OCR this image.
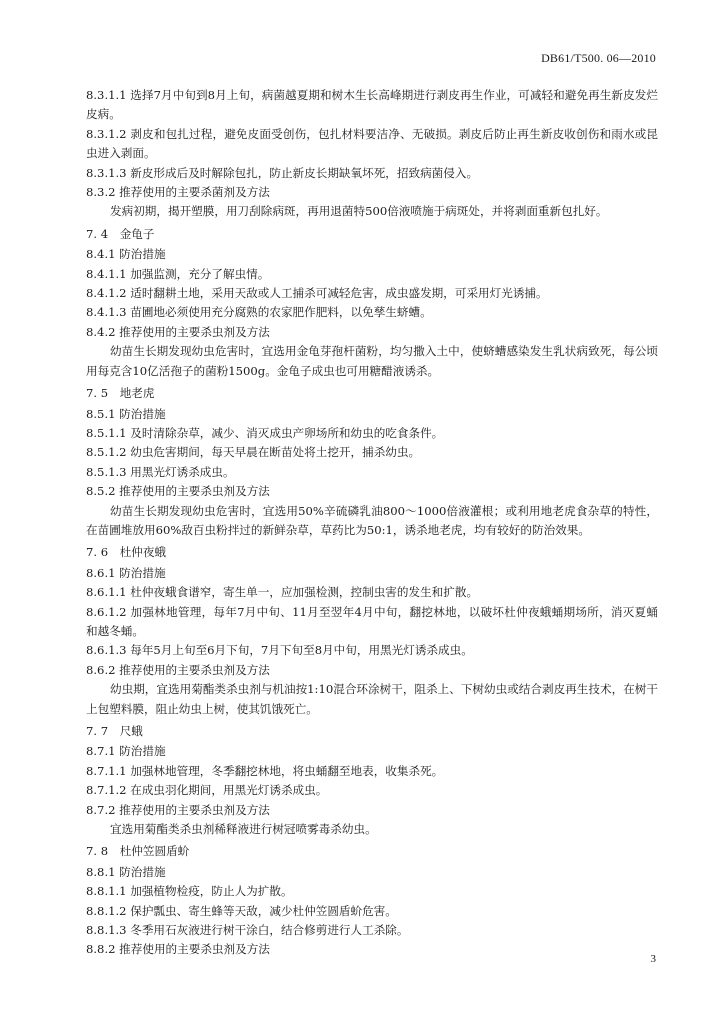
DB61/T500. 06—2010
8.3.1.1 选择7月中旬到8月上旬，病菌越夏期和树木生长高峰期进行剥皮再生作业，可减轻和避免再生新皮发烂皮病。
8.3.1.2 剥皮和包扎过程，避免皮面受创伤，包扎材料要洁净、无破损。剥皮后防止再生新皮收创伤和雨水或昆虫进入剥面。
8.3.1.3 新皮形成后及时解除包扎，防止新皮长期缺氧坏死，招致病菌侵入。
8.3.2 推荐使用的主要杀菌剂及方法
发病初期，揭开塑膜，用刀刮除病斑，再用退菌特500倍液喷施于病斑处，并将剥面重新包扎好。
7. 4　金龟子
8.4.1 防治措施
8.4.1.1 加强监测，充分了解虫情。
8.4.1.2 适时翻耕土地，采用天敌或人工捕杀可减轻危害，成虫盛发期，可采用灯光诱捕。
8.4.1.3 苗圃地必须使用充分腐熟的农家肥作肥料，以免孳生蛴螬。
8.4.2 推荐使用的主要杀虫剂及方法
幼苗生长期发现幼虫危害时，宜选用金龟芽孢杆菌粉，均匀撒入土中，使蛴螬感染发生乳状病致死，每公顷用每克含10亿活孢子的菌粉1500g。金龟子成虫也可用糖醋液诱杀。
7. 5　地老虎
8.5.1 防治措施
8.5.1.1 及时清除杂草，减少、消灭成虫产卵场所和幼虫的吃食条件。
8.5.1.2 幼虫危害期间，每天早晨在断苗处将土挖开，捕杀幼虫。
8.5.1.3 用黑光灯诱杀成虫。
8.5.2 推荐使用的主要杀虫剂及方法
幼苗生长期发现幼虫危害时，宜选用50%辛硫磷乳油800～1000倍液灌根；或利用地老虎食杂草的特性，在苗圃堆放用60%敌百虫粉拌过的新鲜杂草，草药比为50:1，诱杀地老虎，均有较好的防治效果。
7. 6　杜仲夜蛾
8.6.1 防治措施
8.6.1.1 杜仲夜蛾食谱窄，寄生单一，应加强检测，控制虫害的发生和扩散。
8.6.1.2 加强林地管理，每年7月中旬、11月至翌年4月中旬，翻挖林地，以破坏杜仲夜蛾蛹期场所，消灭夏蛹和越冬蛹。
8.6.1.3 每年5月上旬至6月下旬，7月下旬至8月中旬，用黑光灯诱杀成虫。
8.6.2 推荐使用的主要杀虫剂及方法
幼虫期，宜选用菊酯类杀虫剂与机油按1:10混合环涂树干，阻杀上、下树幼虫或结合剥皮再生技术，在树干上包塑料膜，阻止幼虫上树，使其饥饿死亡。
7. 7　尺蛾
8.7.1 防治措施
8.7.1.1 加强林地管理，冬季翻挖林地，将虫蛹翻至地表，收集杀死。
8.7.1.2 在成虫羽化期间，用黑光灯诱杀成虫。
8.7.2 推荐使用的主要杀虫剂及方法
宜选用菊酯类杀虫剂稀释液进行树冠喷雾毒杀幼虫。
7. 8　杜仲笠圆盾蚧
8.8.1 防治措施
8.8.1.1 加强植物检疫，防止人为扩散。
8.8.1.2 保护瓢虫、寄生蜂等天敌，减少杜仲笠圆盾蚧危害。
8.8.1.3 冬季用石灰液进行树干涂白，结合修剪进行人工杀除。
8.8.2 推荐使用的主要杀虫剂及方法
3
